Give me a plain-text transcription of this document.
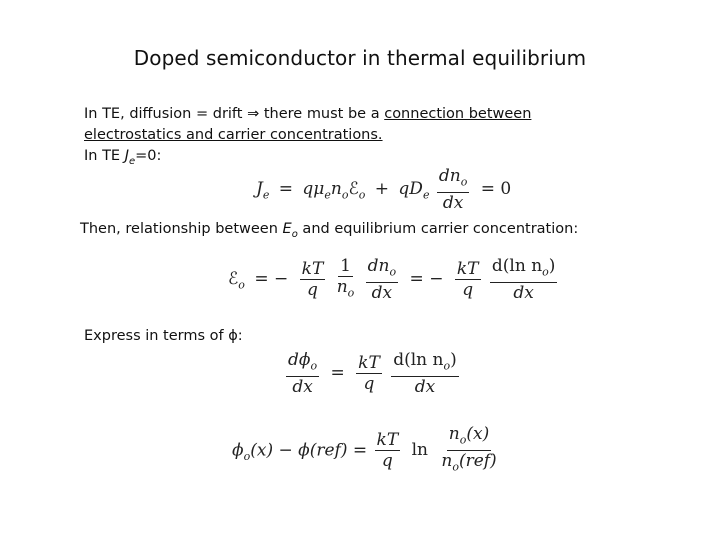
Doped semiconductor in thermal equilibrium
In TE, diffusion = drift ⇒ there must be a connection between
electrostatics and carrier concentrations.
In TE $J_e=0$:
$J_e$ = $q\mu_en_oℰ_o + qD_e \frac{dn_o}{dx} = 0$
Then, relationship between $E_o$ and equilibrium carrier concentration:
ℰ$_o$ = − $\frac{kT}{q}$
$\frac{1}{n_o}$
$\frac{dn_o}{dx}$ = − $\frac{kT}{q}$
$\frac{d(\ln n_o)}{dx}$
Express in terms of ϕ:
$\frac{d\phi_o}{dx} = \frac{kT}{q}$
$\frac{d(\ln n_o)}{dx}$
$\phi_o(x) - \phi(ref) = \frac{kT}{q}$ $\ln \frac{n_o(x)}{n_o(ref)}$
